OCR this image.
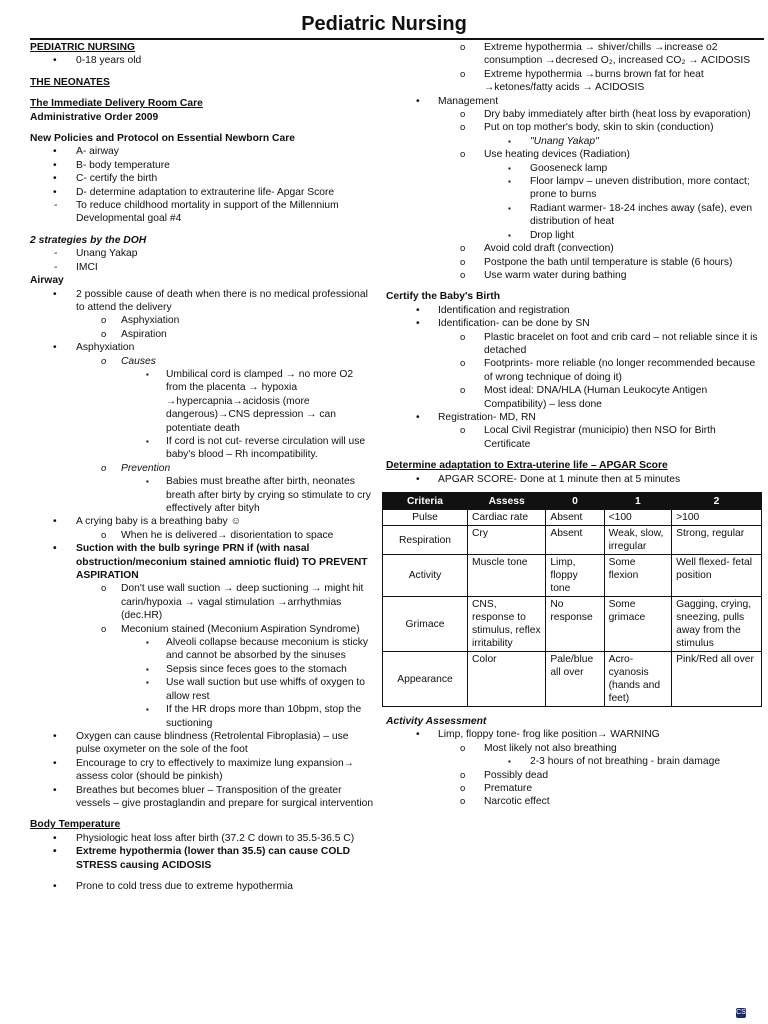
Pediatric Nursing
PEDIATRIC NURSING
• 0-18 years old
THE NEONATES
The Immediate Delivery Room Care
Administrative Order 2009
New Policies and Protocol on Essential Newborn Care
• A- airway
• B- body temperature
• C- certify the birth
• D- determine adaptation to extrauterine life- Apgar Score
- To reduce childhood mortality in support of the Millennium Developmental goal #4
2 strategies by the DOH
- Unang Yakap
- IMCI
Airway
• 2 possible cause of death when there is no medical professional to attend the delivery
o Asphyxiation
o Aspiration
• Asphyxiation
o Causes
▪ Umbilical cord is clamped → no more O2 from the placenta → hypoxia →hypercapnia→acidosis (more dangerous)→CNS depression → can potentiate death
▪ If cord is not cut- reverse circulation will use baby's blood – Rh incompatibility.
o Prevention
▪ Babies must breathe after birth, neonates breath after birty by crying so stimulate to cry effectively after bityh
• A crying baby is a breathing baby ☺
o When he is delivered→ disorientation to space
• Suction with the bulb syringe PRN if (with nasal obstruction/meconium stained amniotic fluid) TO PREVENT ASPIRATION
o Don't use wall suction → deep suctioning → might hit carin/hypoxia → vagal stimulation →arrhythmias (dec.HR)
o Meconium stained (Meconium Aspiration Syndrome)
▪ Alveoli collapse because meconium is sticky and cannot be absorbed by the sinuses
▪ Sepsis since feces goes to the stomach
▪ Use wall suction but use whiffs of oxygen to allow rest
▪ If the HR drops more than 10bpm, stop the suctioning
• Oxygen can cause blindness (Retrolental Fibroplasia) – use pulse oxymeter on the sole of the foot
• Encourage to cry to effectively to maximize lung expansion→ assess color (should be pinkish)
• Breathes but becomes bluer – Transposition of the greater vessels – give prostaglandin and prepare for surgical intervention
Body Temperature
• Physiologic heat loss after birth (37.2 C down to 35.5-36.5 C)
• Extreme hypothermia (lower than 35.5) can cause COLD STRESS causing ACIDOSIS
• Prone to cold tress due to extreme hypothermia
o Extreme hypothermia → shiver/chills →increase o2 consumption →decresed O₂, increased CO₂ → ACIDOSIS
o Extreme hypothermia →burns brown fat for heat →ketones/fatty acids → ACIDOSIS
• Management
o Dry baby immediately after birth (heat loss by evaporation)
o Put on top mother's body, skin to skin (conduction)
▪ "Unang Yakap"
o Use heating devices (Radiation)
▪ Gooseneck lamp
▪ Floor lampv – uneven distribution, more contact; prone to burns
▪ Radiant warmer- 18-24 inches away (safe), even distribution of heat
▪ Drop light
o Avoid cold draft (convection)
o Postpone the bath until temperature is stable (6 hours)
o Use warm water during bathing
Certify the Baby's Birth
• Identification and registration
• Identification- can be done by SN
o Plastic bracelet on foot and crib card – not reliable since it is detached
o Footprints- more reliable (no longer recommended because of wrong technique of doing it)
o Most ideal: DNA/HLA (Human Leukocyte Antigen Compatibility) – less done
• Registration- MD, RN
o Local Civil Registrar (municipio) then NSO for Birth Certificate
Determine adaptation to Extra-uterine life – APGAR Score
• APGAR SCORE- Done at 1 minute then at 5 minutes
Criteria	Assess	0	1	2
Pulse	Cardiac rate	Absent	<100	>100
Respiration	Cry	Absent	Weak, slow, irregular	Strong, regular
Activity	Muscle tone	Limp, floppy tone	Some flexion	Well flexed- fetal position
Grimace	CNS, response to stimulus, reflex irritability	No response	Some grimace	Gagging, crying, sneezing, pulls away from the stimulus
Appearance	Color	Pale/blue all over	Acro- cyanosis (hands and feet)	Pink/Red all over
Activity Assessment
• Limp, floppy tone- frog like position→ WARNING
o Most likely not also breathing
▪ 2-3 hours of not breathing - brain damage
o Possibly dead
o Premature
o Narcotic effect
CS
